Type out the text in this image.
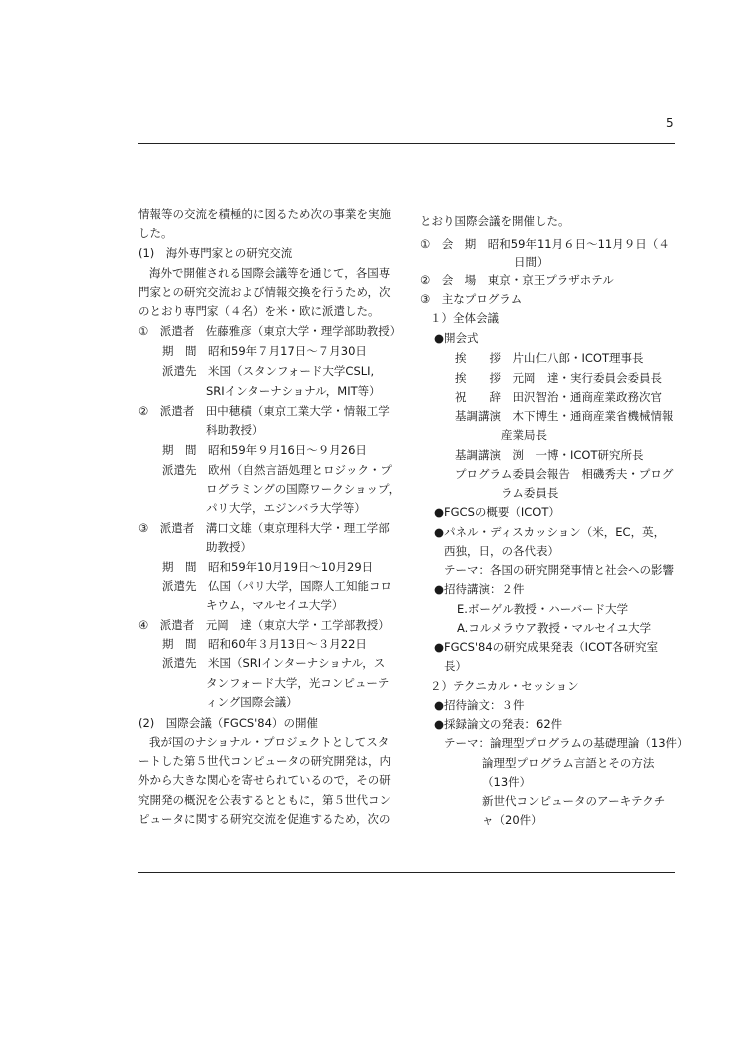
5
情報等の交流を積極的に図るため次の事業を実施
した。
(1)　海外専門家との研究交流
海外で開催される国際会議等を通じて，各国専
門家との研究交流および情報交換を行うため，次
のとおり専門家（４名）を米・欧に派遣した。
①　派遣者　佐藤雅彦（東京大学・理学部助教授）
期　間　昭和59年７月17日～７月30日
派遣先　米国（スタンフォード大学CSLI,
SRIインターナショナル，MIT等）
②　派遣者　田中穂積（東京工業大学・情報工学
科助教授）
期　間　昭和59年９月16日～９月26日
派遣先　欧州（自然言語処理とロジック・プ
ログラミングの国際ワークショップ，
パリ大学，エジンバラ大学等）
③　派遣者　溝口文雄（東京理科大学・理工学部
助教授）
期　間　昭和59年10月19日～10月29日
派遣先　仏国（パリ大学，国際人工知能コロ
キウム，マルセイユ大学）
④　派遣者　元岡　達（東京大学・工学部教授）
期　間　昭和60年３月13日～３月22日
派遣先　米国（SRIインターナショナル，ス
タンフォード大学，光コンピューテ
ィング国際会議）
(2)　国際会議（FGCS'84）の開催
我が国のナショナル・プロジェクトとしてスタ
ートした第５世代コンピュータの研究開発は，内
外から大きな関心を寄せられているので，その研
究開発の概況を公表するとともに，第５世代コン
ピュータに関する研究交流を促進するため，次の
とおり国際会議を開催した。
①　会　期　昭和59年11月６日～11月９日（４
日間）
②　会　場　東京・京王プラザホテル
③　主なプログラム
１）全体会議
●開会式
挨　　拶　片山仁八郎・ICOT理事長
挨　　拶　元岡　達・実行委員会委員長
祝　　辞　田沢智治・通商産業政務次官
基調講演　木下博生・通商産業省機械情報
産業局長
基調講演　渕　一博・ICOT研究所長
プログラム委員会報告　相磯秀夫・プログ
ラム委員長
●FGCSの概要（ICOT）
●パネル・ディスカッション（米，EC，英，
西独，日，の各代表）
テーマ：各国の研究開発事情と社会への影響
●招待講演：２件
E.ボーゲル教授・ハーバード大学
A.コルメラウア教授・マルセイユ大学
●FGCS'84の研究成果発表（ICOT各研究室
長）
２）テクニカル・セッション
●招待論文：３件
●採録論文の発表：62件
テーマ：論理型プログラムの基礎理論（13件）
論理型プログラム言語とその方法
（13件）
新世代コンピュータのアーキテクチ
ャ（20件）
